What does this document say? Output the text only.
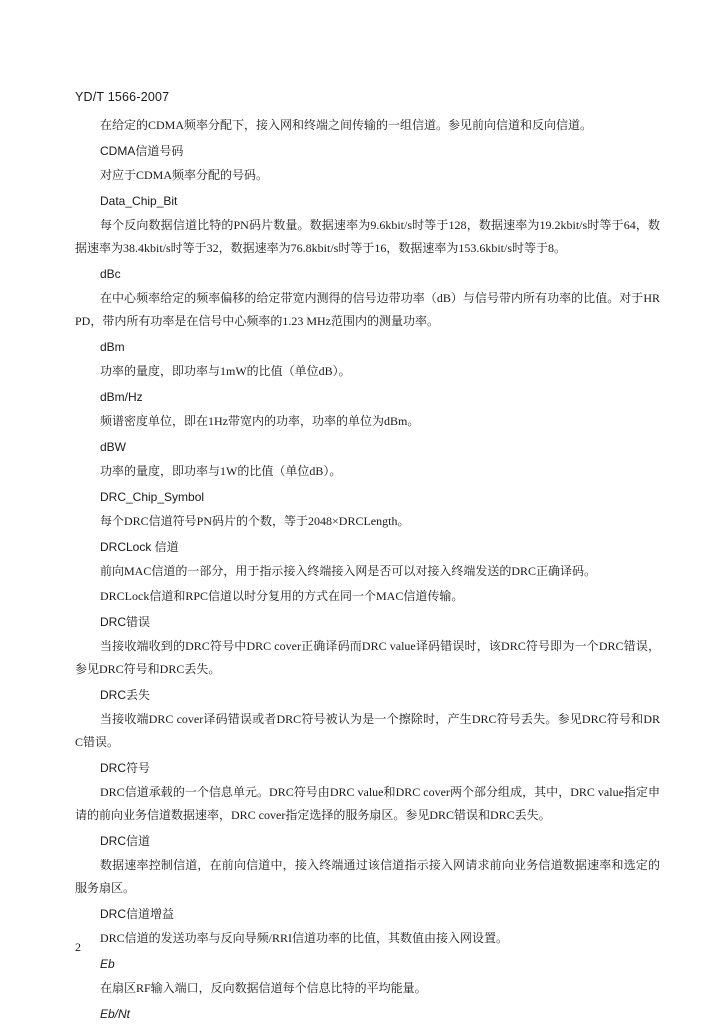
YD/T 1566-2007

在给定的CDMA频率分配下，接入网和终端之间传输的一组信道。参见前向信道和反向信道。

CDMA信道号码

对应于CDMA频率分配的号码。

Data_Chip_Bit

每个反向数据信道比特的PN码片数量。数据速率为9.6kbit/s时等于128，数据速率为19.2kbit/s时等于64，数据速率为38.4kbit/s时等于32，数据速率为76.8kbit/s时等于16，数据速率为153.6kbit/s时等于8。

dBc

在中心频率给定的频率偏移的给定带宽内测得的信号边带功率（dB）与信号带内所有功率的比值。对于HRPD，带内所有功率是在信号中心频率的1.23 MHz范围内的测量功率。

dBm

功率的量度，即功率与1mW的比值（单位dB）。

dBm/Hz

频谱密度单位，即在1Hz带宽内的功率，功率的单位为dBm。

dBW

功率的量度，即功率与1W的比值（单位dB）。

DRC_Chip_Symbol

每个DRC信道符号PN码片的个数，等于2048×DRCLength。

DRCLock 信道

前向MAC信道的一部分，用于指示接入终端接入网是否可以对接入终端发送的DRC正确译码。

DRCLock信道和RPC信道以时分复用的方式在同一个MAC信道传输。

DRC错误

当接收端收到的DRC符号中DRC cover正确译码而DRC value译码错误时，该DRC符号即为一个DRC错误，参见DRC符号和DRC丢失。

DRC丢失

当接收端DRC cover译码错误或者DRC符号被认为是一个擦除时，产生DRC符号丢失。参见DRC符号和DRC错误。

DRC符号

DRC信道承载的一个信息单元。DRC符号由DRC value和DRC cover两个部分组成，其中，DRC value指定申请的前向业务信道数据速率，DRC cover指定选择的服务扇区。参见DRC错误和DRC丢失。

DRC信道

数据速率控制信道，在前向信道中，接入终端通过该信道指示接入网请求前向业务信道数据速率和选定的服务扇区。

DRC信道增益

DRC信道的发送功率与反向导频/RRI信道功率的比值，其数值由接入网设置。

Eb

在扇区RF输入端口，反向数据信道每个信息比特的平均能量。

Eb/Nt
2
